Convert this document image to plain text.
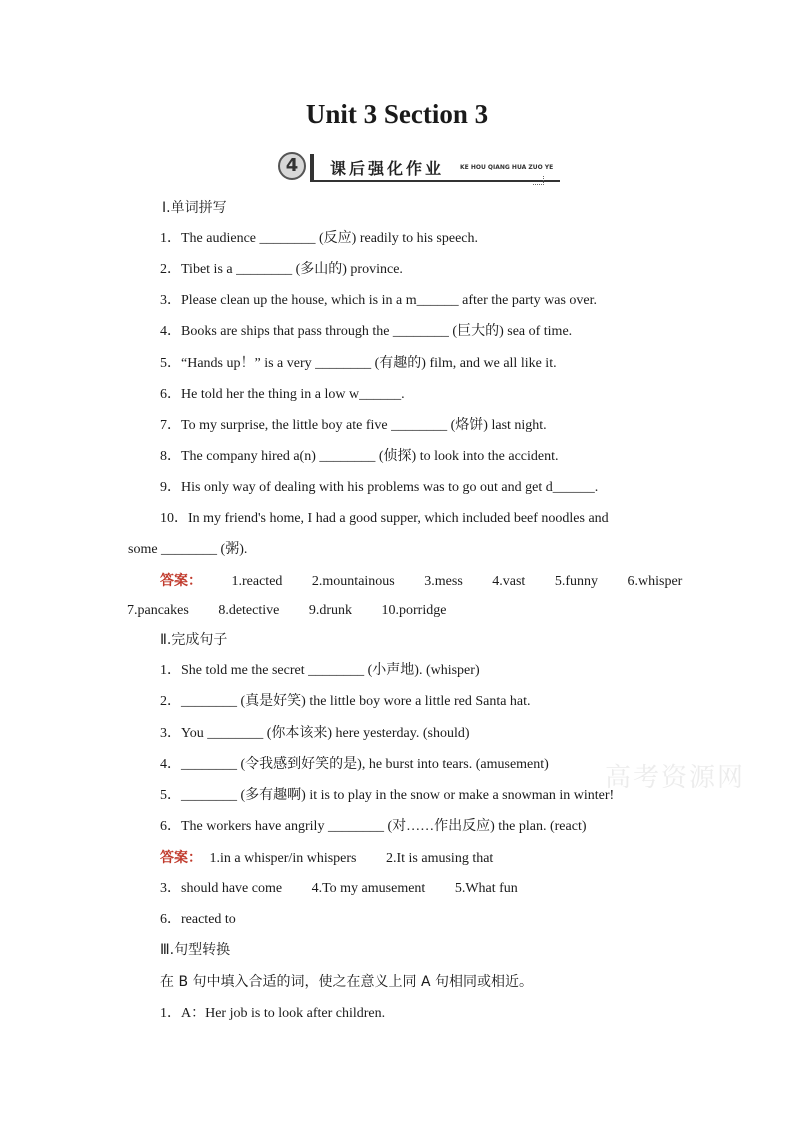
Unit 3 Section 3
4	课后强化作业	KE HOU QIANG HUA ZUO YE
Ⅰ.单词拼写
1．The audience ________ (反应) readily to his speech.
2．Tibet is a ________ (多山的) province.
3．Please clean up the house, which is in a m______ after the party was over.
4．Books are ships that pass through the ________ (巨大的) sea of time.
5．“Hands up！” is a very ________ (有趣的) film, and we all like it.
6．He told her the thing in a low w______.
7．To my surprise, the little boy ate five ________ (烙饼) last night.
8．The company hired a(n) ________ (侦探) to look into the accident.
9．His only way of dealing with his problems was to go out and get d______.
10．In my friend's home, I had a good supper, which included beef noodles and
some ________ (粥).
答案： 1.reacted 2.mountainous 3.mess 4.vast 5.funny 6.whisper
7.pancakes 8.detective 9.drunk 10.porridge
Ⅱ.完成句子
1．She told me the secret ________ (小声地). (whisper)
2．________ (真是好笑) the little boy wore a little red Santa hat.
3．You ________ (你本该来) here yesterday. (should)
4．________ (令我感到好笑的是), he burst into tears. (amusement)
5．________ (多有趣啊) it is to play in the snow or make a snowman in winter!
6．The workers have angrily ________ (对……作出反应) the plan. (react)
答案： 1.in a whisper/in whispers 2.It is amusing that
3．should have come 4.To my amusement 5.What fun
6．reacted to
Ⅲ.句型转换
在 B 句中填入合适的词，使之在意义上同 A 句相同或相近。
1．A：Her job is to look after children.
高考资源网
